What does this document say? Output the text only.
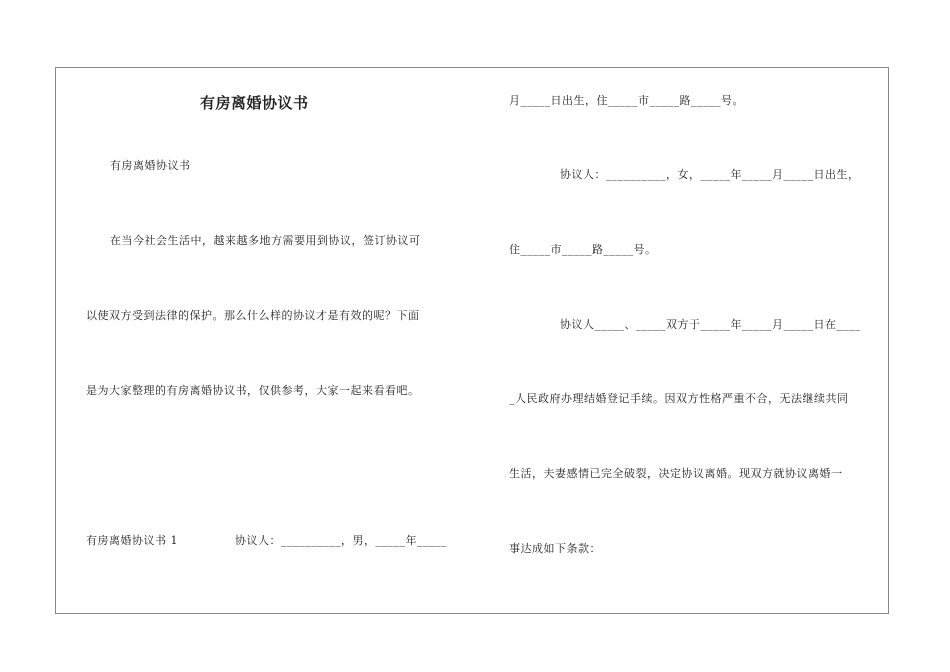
有房离婚协议书
有房离婚协议书
在当今社会生活中，越来越多地方需要用到协议，签订协议可
以使双方受到法律的保护。那么什么样的协议才是有效的呢？下面
是为大家整理的有房离婚协议书，仅供参考，大家一起来看看吧。
有房离婚协议书 1	协议人：__________，男，_____年_____
月_____日出生，住_____市_____路_____号。
协议人：__________，女，_____年_____月_____日出生，
住_____市_____路_____号。
协议人_____、_____双方于_____年_____月_____日在____
_人民政府办理结婚登记手续。因双方性格严重不合，无法继续共同
生活，夫妻感情已完全破裂，决定协议离婚。现双方就协议离婚一
事达成如下条款：
